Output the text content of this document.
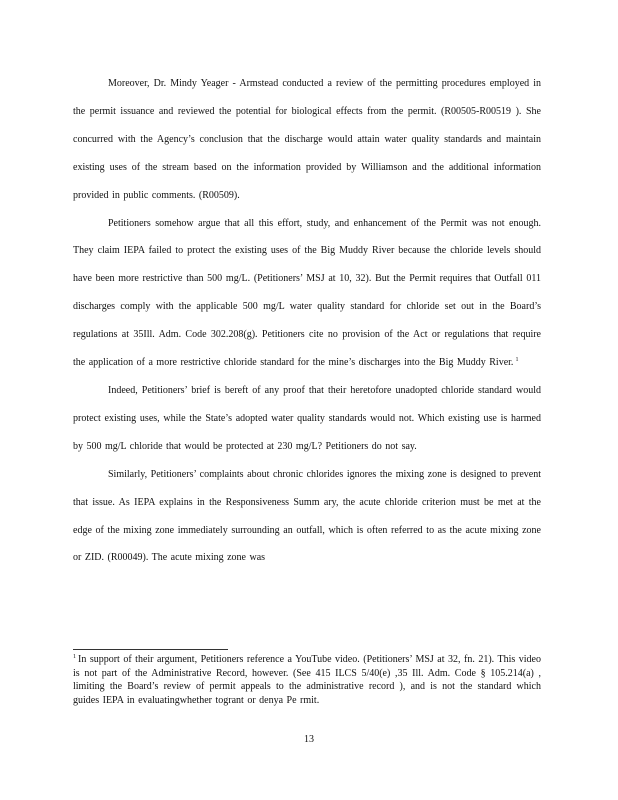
Moreover, Dr. Mindy Yeager - Armstead conducted a review of the permitting procedures employed in the permit issuance and reviewed the potential for biological effects from the permit. (R00505-R00519 ). She concurred with the Agency’s conclusion that the discharge would attain water quality standards and maintain existing uses of the stream based on the information provided by Williamson and the additional information provided in public comments. (R00509).

Petitioners somehow argue that all this effort, study, and enhancement of the Permit was not enough. They claim IEPA failed to protect the existing uses of the Big Muddy River because the chloride levels should have been more restrictive than 500 mg/L. (Petitioners’ MSJ at 10, 32). But the Permit requires that Outfall 011 discharges comply with the applicable 500 mg/L water quality standard for chloride set out in the Board’s regulations at 35Ill. Adm. Code 302.208(g). Petitioners cite no provision of the Act or regulations that require the application of a more restrictive chloride standard for the mine’s discharges into the Big Muddy River. $^1$

Indeed, Petitioners’ brief is bereft of any proof that their heretofore unadopted chloride standard would protect existing uses, while the State’s adopted water quality standards would not. Which existing use is harmed by 500 mg/L chloride that would be protected at 230 mg/L? Petitioners do not say.

Similarly, Petitioners’ complaints about chronic chlorides ignores the mixing zone is designed to prevent that issue. As IEPA explains in the Responsiveness Summ ary, the acute chloride criterion must be met at the edge of the mixing zone immediately surrounding an outfall, which is often referred to as the acute mixing zone or ZID. (R00049). The acute mixing zone was

$^1$ In support of their argument, Petitioners reference a YouTube video. (Petitioners’ MSJ at 32, fn. 21). This video is not part of the Administrative Record, however. (See 415 ILCS 5/40(e) ,35 Ill. Adm. Code § 105.214(a) , limiting the Board’s review of permit appeals to the administrative record ), and is not the standard which guides IEPA in evaluatingwhether togrant or denya Pe rmit.
13
